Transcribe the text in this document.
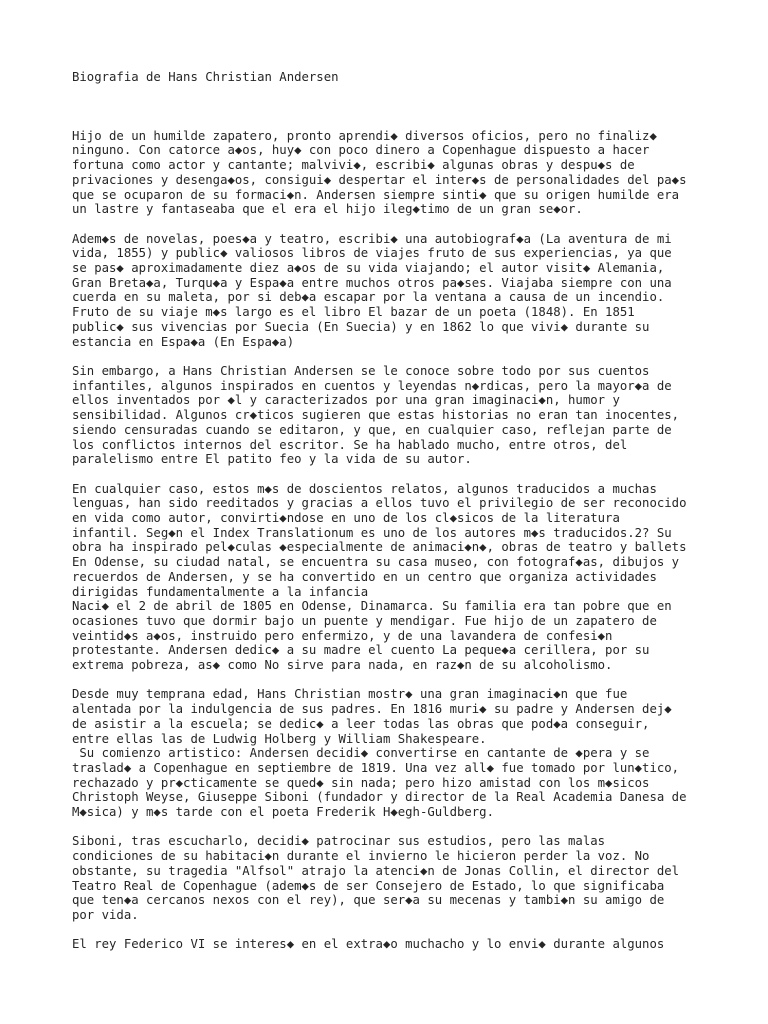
Biografia de Hans Christian Andersen
Hijo de un humilde zapatero, pronto aprendi◆ diversos oficios, pero no finaliz◆
ninguno. Con catorce a◆os, huy◆ con poco dinero a Copenhague dispuesto a hacer
fortuna como actor y cantante; malvivi◆, escribi◆ algunas obras y despu◆s de
privaciones y desenga◆os, consigui◆ despertar el inter◆s de personalidades del pa◆s
que se ocuparon de su formaci◆n. Andersen siempre sinti◆ que su origen humilde era
un lastre y fantaseaba que el era el hijo ileg◆timo de un gran se◆or.
Adem◆s de novelas, poes◆a y teatro, escribi◆ una autobiograf◆a (La aventura de mi
vida, 1855) y public◆ valiosos libros de viajes fruto de sus experiencias, ya que
se pas◆ aproximadamente diez a◆os de su vida viajando; el autor visit◆ Alemania,
Gran Breta◆a, Turqu◆a y Espa◆a entre muchos otros pa◆ses. Viajaba siempre con una
cuerda en su maleta, por si deb◆a escapar por la ventana a causa de un incendio.
Fruto de su viaje m◆s largo es el libro El bazar de un poeta (1848). En 1851
public◆ sus vivencias por Suecia (En Suecia) y en 1862 lo que vivi◆ durante su
estancia en Espa◆a (En Espa◆a)
Sin embargo, a Hans Christian Andersen se le conoce sobre todo por sus cuentos
infantiles, algunos inspirados en cuentos y leyendas n◆rdicas, pero la mayor◆a de
ellos inventados por ◆l y caracterizados por una gran imaginaci◆n, humor y
sensibilidad. Algunos cr◆ticos sugieren que estas historias no eran tan inocentes,
siendo censuradas cuando se editaron, y que, en cualquier caso, reflejan parte de
los conflictos internos del escritor. Se ha hablado mucho, entre otros, del
paralelismo entre El patito feo y la vida de su autor.
En cualquier caso, estos m◆s de doscientos relatos, algunos traducidos a muchas
lenguas, han sido reeditados y gracias a ellos tuvo el privilegio de ser reconocido
en vida como autor, convirti◆ndose en uno de los cl◆sicos de la literatura
infantil. Seg◆n el Index Translationum es uno de los autores m◆s traducidos.2? Su
obra ha inspirado pel◆culas ◆especialmente de animaci◆n◆, obras de teatro y ballets
En Odense, su ciudad natal, se encuentra su casa museo, con fotograf◆as, dibujos y
recuerdos de Andersen, y se ha convertido en un centro que organiza actividades
dirigidas fundamentalmente a la infancia
Naci◆ el 2 de abril de 1805 en Odense, Dinamarca. Su familia era tan pobre que en
ocasiones tuvo que dormir bajo un puente y mendigar. Fue hijo de un zapatero de
veintid◆s a◆os, instruido pero enfermizo, y de una lavandera de confesi◆n
protestante. Andersen dedic◆ a su madre el cuento La peque◆a cerillera, por su
extrema pobreza, as◆ como No sirve para nada, en raz◆n de su alcoholismo.
Desde muy temprana edad, Hans Christian mostr◆ una gran imaginaci◆n que fue
alentada por la indulgencia de sus padres. En 1816 muri◆ su padre y Andersen dej◆
de asistir a la escuela; se dedic◆ a leer todas las obras que pod◆a conseguir,
entre ellas las de Ludwig Holberg y William Shakespeare.
Su comienzo artistico: Andersen decidi◆ convertirse en cantante de ◆pera y se
traslad◆ a Copenhague en septiembre de 1819. Una vez all◆ fue tomado por lun◆tico,
rechazado y pr◆cticamente se qued◆ sin nada; pero hizo amistad con los m◆sicos
Christoph Weyse, Giuseppe Siboni (fundador y director de la Real Academia Danesa de
M◆sica) y m◆s tarde con el poeta Frederik H◆egh-Guldberg.
Siboni, tras escucharlo, decidi◆ patrocinar sus estudios, pero las malas
condiciones de su habitaci◆n durante el invierno le hicieron perder la voz. No
obstante, su tragedia "Alfsol" atrajo la atenci◆n de Jonas Collin, el director del
Teatro Real de Copenhague (adem◆s de ser Consejero de Estado, lo que significaba
que ten◆a cercanos nexos con el rey), que ser◆a su mecenas y tambi◆n su amigo de
por vida.
El rey Federico VI se interes◆ en el extra◆o muchacho y lo envi◆ durante algunos
